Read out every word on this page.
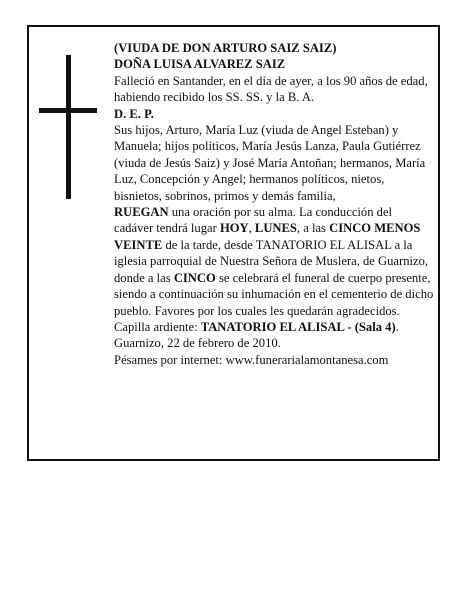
(VIUDA DE DON ARTURO SAIZ SAIZ)

DOÑA LUISA ALVAREZ SAIZ

Falleció en Santander, en el día de ayer, a los 90 años de edad, habiendo recibido los SS. SS. y la B. A.

D. E. P.

Sus hijos, Arturo, María Luz (viuda de Angel Esteban) y Manuela; hijos políticos, María Jesús Lanza, Paula Gutiérrez (viuda de Jesús Saiz) y José María Antoñan; hermanos, María Luz, Concepción y Angel; hermanos políticos, nietos, bisnietos, sobrinos, primos y demás familia,

RUEGAN una oración por su alma. La conducción del cadáver tendrá lugar HOY, LUNES, a las CINCO MENOS VEINTE de la tarde, desde TANATORIO EL ALISAL a la iglesia parroquial de Nuestra Señora de Muslera, de Guarnizo, donde a las CINCO se celebrará el funeral de cuerpo presente, siendo a continuación su inhumación en el cementerio de dicho pueblo. Favores por los cuales les quedarán agradecidos. Capilla ardiente: TANATORIO EL ALISAL - (Sala 4).

Guarnizo, 22 de febrero de 2010.

Pésames por internet: www.funerarialamontanesa.com
